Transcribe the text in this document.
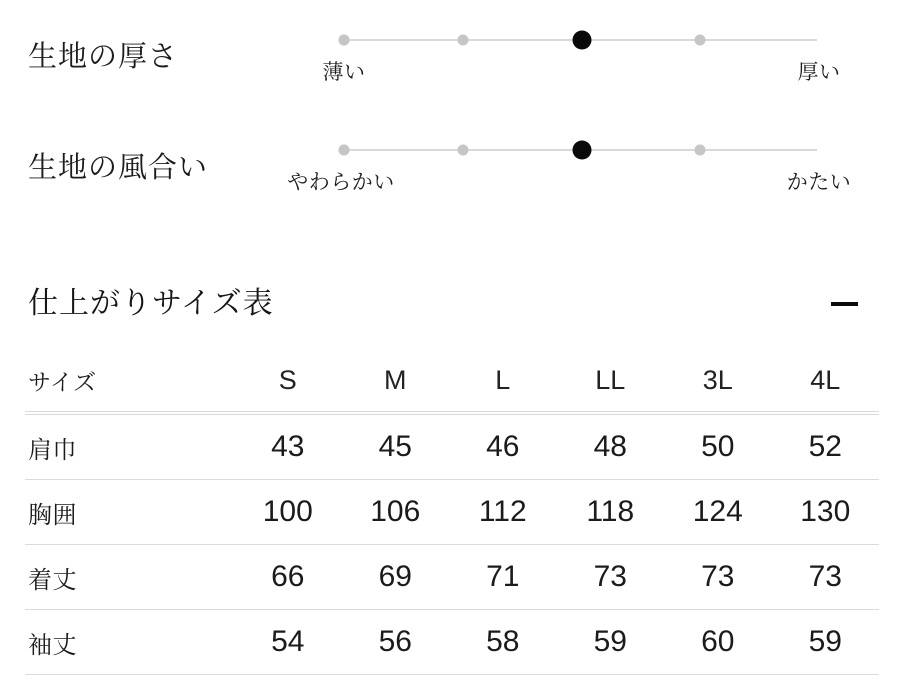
生地の厚さ	薄い	厚い
生地の風合い	やわらかい	かたい
仕上がりサイズ表
サイズ	S	M	L	LL	3L	4L
肩巾	43	45	46	48	50	52
胸囲	100	106	112	118	124	130
着丈	66	69	71	73	73	73
袖丈	54	56	58	59	60	59
